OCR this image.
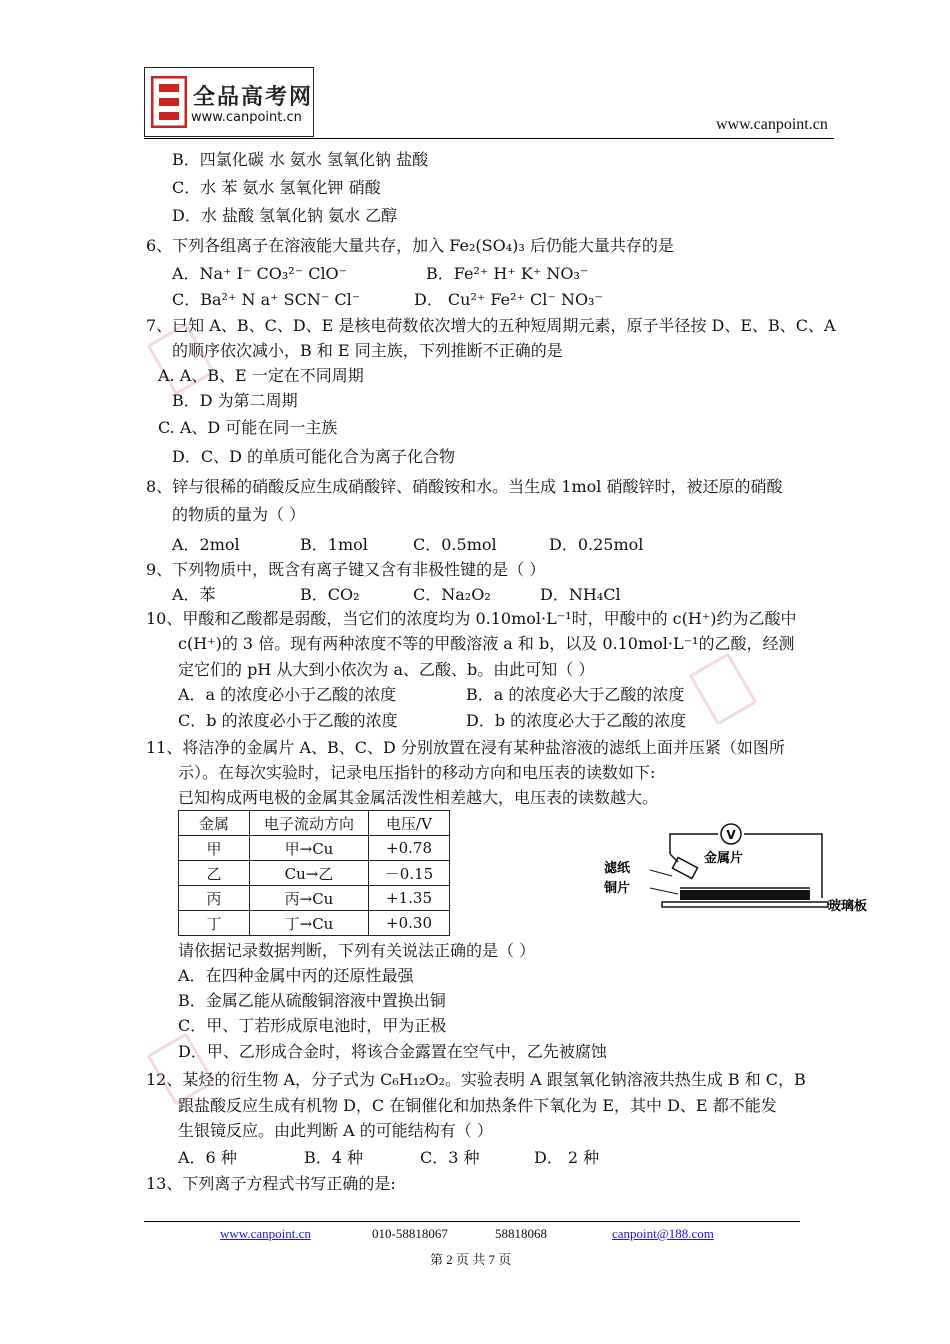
全品高考网
www.canpoint.cn	www.canpoint.cn
B．四氯化碳 水 氨水 氢氧化钠 盐酸
C．水 苯 氨水 氢氧化钾 硝酸
D．水 盐酸 氢氧化钠 氨水 乙醇
6、下列各组离子在溶液能大量共存，加入 Fe₂(SO₄)₃ 后仍能大量共存的是
A．Na⁺ I⁻ CO₃²⁻ ClO⁻	B．Fe²⁺ H⁺ K⁺ NO₃⁻
C．Ba²⁺ N a⁺ SCN⁻ Cl⁻	D． Cu²⁺ Fe²⁺ Cl⁻ NO₃⁻
7、已知 A、B、C、D、E 是核电荷数依次增大的五种短周期元素，原子半径按 D、E、B、C、A
的顺序依次减小，B 和 E 同主族，下列推断不正确的是
A. A、B、E 一定在不同周期
B．D 为第二周期
C. A、D 可能在同一主族
D．C、D 的单质可能化合为离子化合物
8、锌与很稀的硝酸反应生成硝酸锌、硝酸铵和水。当生成 1mol 硝酸锌时，被还原的硝酸
的物质的量为（ ）
A．2mol	B．1mol	C．0.5mol	D．0.25mol
9、下列物质中，既含有离子键又含有非极性键的是（ ）
A．苯	B．CO₂	C．Na₂O₂	D．NH₄Cl
10、甲酸和乙酸都是弱酸，当它们的浓度均为 0.10mol·L⁻¹时，甲酸中的 c(H⁺)约为乙酸中
c(H⁺)的 3 倍。现有两种浓度不等的甲酸溶液 a 和 b，以及 0.10mol·L⁻¹的乙酸，经测
定它们的 pH 从大到小依次为 a、乙酸、b。由此可知（ ）
A．a 的浓度必小于乙酸的浓度	B．a 的浓度必大于乙酸的浓度
C．b 的浓度必小于乙酸的浓度	D．b 的浓度必大于乙酸的浓度
11、将洁净的金属片 A、B、C、D 分别放置在浸有某种盐溶液的滤纸上面并压紧（如图所
示）。在每次实验时，记录电压指针的移动方向和电压表的读数如下:
已知构成两电极的金属其金属活泼性相差越大，电压表的读数越大。
金属	电子流动方向	电压/V
甲	甲→Cu	+0.78
乙	Cu→乙	－0.15
丙	丙→Cu	+1.35
丁	丁→Cu	+0.30
V
金属片
滤纸
铜片
玻璃板
请依据记录数据判断，下列有关说法正确的是（ ）
A．在四种金属中丙的还原性最强
B．金属乙能从硫酸铜溶液中置换出铜
C．甲、丁若形成原电池时，甲为正极
D．甲、乙形成合金时，将该合金露置在空气中，乙先被腐蚀
12、某烃的衍生物 A，分子式为 C₆H₁₂O₂。实验表明 A 跟氢氧化钠溶液共热生成 B 和 C，B
跟盐酸反应生成有机物 D，C 在铜催化和加热条件下氧化为 E，其中 D、E 都不能发
生银镜反应。由此判断 A 的可能结构有（ ）
A．6 种	B．4 种	C．3 种	D． 2 种
13、下列离子方程式书写正确的是:
www.canpoint.cn	010-58818067	58818068	canpoint@188.com
第 2 页 共 7 页
